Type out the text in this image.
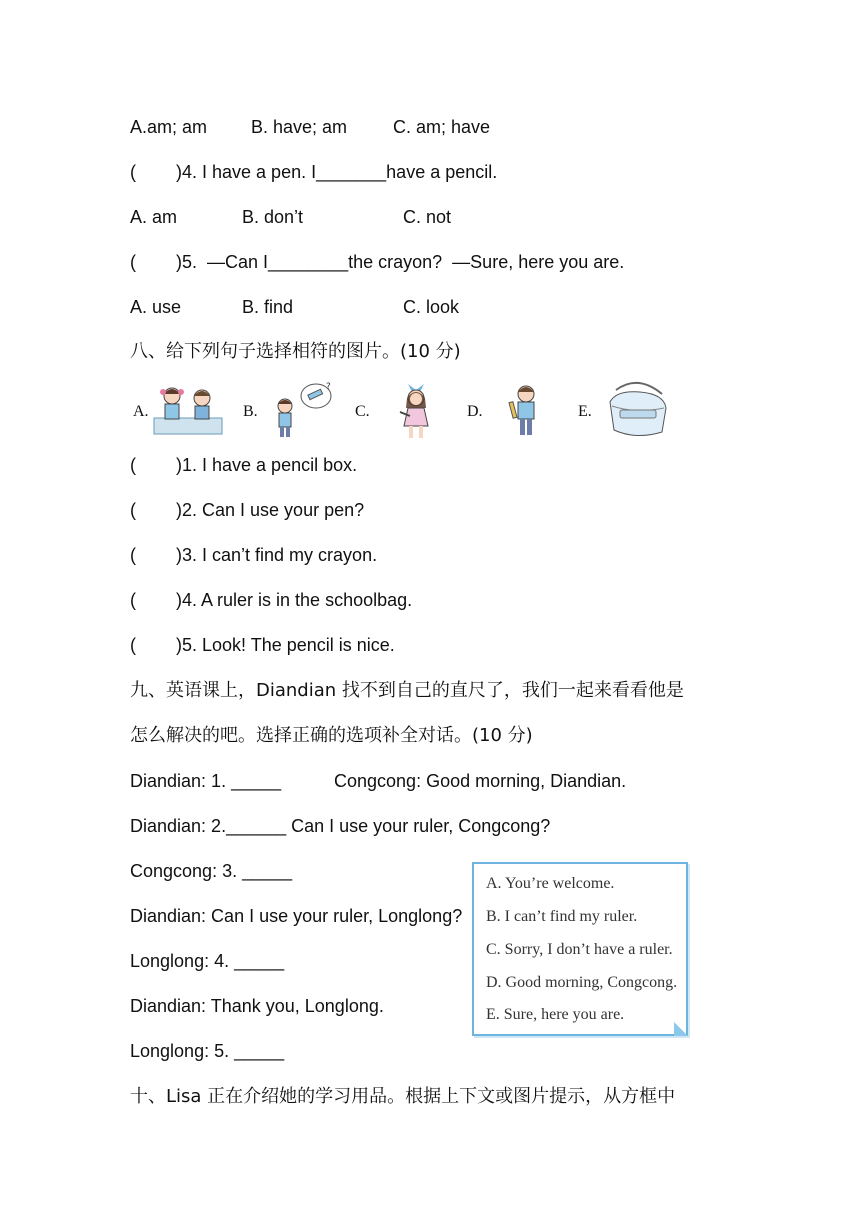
A.am; am B. have; am	C. am; have
(        )4. I have a pen. I_______have a pencil.
A. am	B. don’t	C. not
(        )5.  —Can I________the crayon?  —Sure, here you are.
A. use	B. find	C. look
八、给下列句子选择相符的图片。(10 分)
A.	B.
?
C.	D.	E.
(        )1. I have a pencil box.
(        )2. Can I use your pen?
(        )3. I can’t find my crayon.
(        )4. A ruler is in the schoolbag.
(        )5. Look! The pencil is nice.
九、英语课上，Diandian 找不到自己的直尺了，我们一起来看看他是
怎么解决的吧。选择正确的选项补全对话。(10 分)
Diandian: 1. _____	Congcong: Good morning, Diandian.
Diandian: 2.______ Can I use your ruler, Congcong?
Congcong: 3. _____
Diandian: Can I use your ruler, Longlong?
Longlong: 4. _____
Diandian: Thank you, Longlong.
Longlong: 5. _____
A. You’re welcome.
B. I can’t find my ruler.
C. Sorry, I don’t have a ruler.
D. Good morning, Congcong.
E. Sure, here you are.
十、Lisa 正在介绍她的学习用品。根据上下文或图片提示，从方框中
